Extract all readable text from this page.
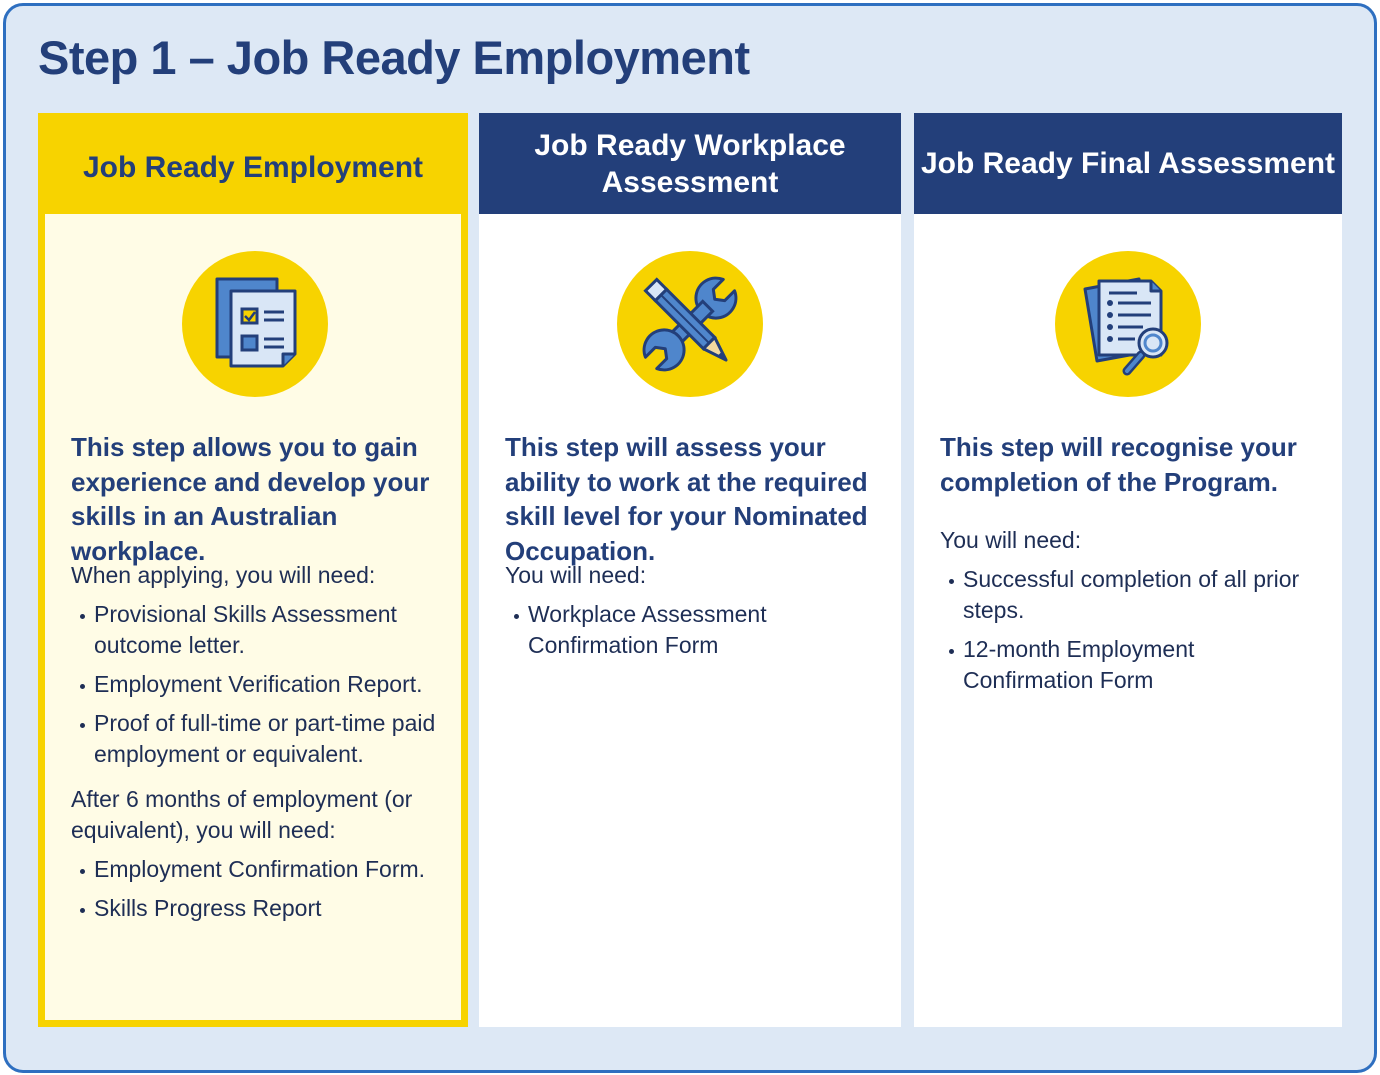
Step 1 – Job Ready Employment
Job Ready Employment

This step allows you to gain experience and develop your skills in an Australian workplace.

When applying, you will need:

Provisional Skills Assessment outcome letter.
Employment Verification Report.
Proof of full-time or part-time paid employment or equivalent.

After 6 months of employment (or equivalent), you will need:

Employment Confirmation Form.
Skills Progress Report
Job Ready Workplace Assessment

This step will assess your ability to work at the required skill level for your Nominated Occupation.

You will need:

Workplace Assessment Confirmation Form
Job Ready Final Assessment

This step will recognise your completion of the Program.

You will need:

Successful completion of all prior steps.
12-month Employment Confirmation Form
